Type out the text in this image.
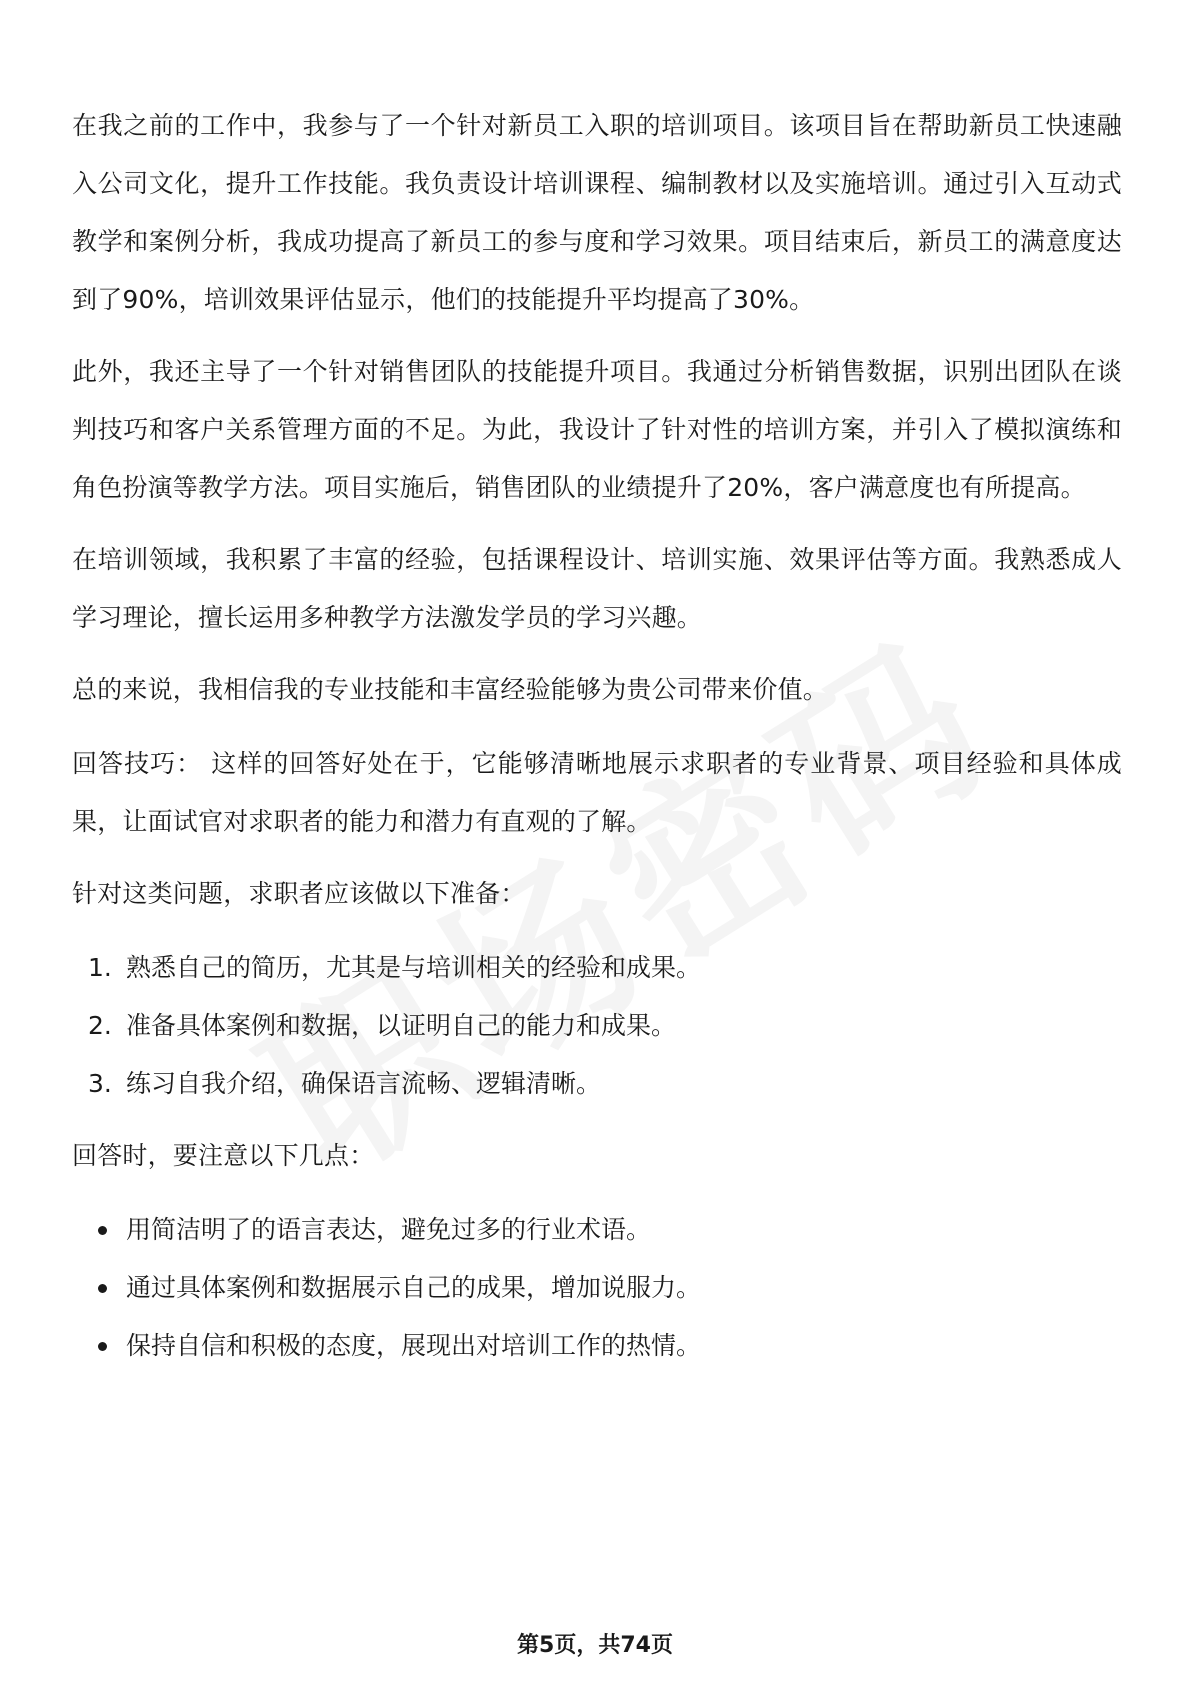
在我之前的工作中，我参与了一个针对新员工入职的培训项目。该项目旨在帮助新员工快速融入公司文化，提升工作技能。我负责设计培训课程、编制教材以及实施培训。通过引入互动式教学和案例分析，我成功提高了新员工的参与度和学习效果。项目结束后，新员工的满意度达到了90%，培训效果评估显示，他们的技能提升平均提高了30%。

此外，我还主导了一个针对销售团队的技能提升项目。我通过分析销售数据，识别出团队在谈判技巧和客户关系管理方面的不足。为此，我设计了针对性的培训方案，并引入了模拟演练和角色扮演等教学方法。项目实施后，销售团队的业绩提升了20%，客户满意度也有所提高。

在培训领域，我积累了丰富的经验，包括课程设计、培训实施、效果评估等方面。我熟悉成人学习理论，擅长运用多种教学方法激发学员的学习兴趣。

总的来说，我相信我的专业技能和丰富经验能够为贵公司带来价值。

回答技巧： 这样的回答好处在于，它能够清晰地展示求职者的专业背景、项目经验和具体成果，让面试官对求职者的能力和潜力有直观的了解。

针对这类问题，求职者应该做以下准备：

1. 熟悉自己的简历，尤其是与培训相关的经验和成果。
2. 准备具体案例和数据，以证明自己的能力和成果。
3. 练习自我介绍，确保语言流畅、逻辑清晰。

回答时，要注意以下几点：

用简洁明了的语言表达，避免过多的行业术语。
通过具体案例和数据展示自己的成果，增加说服力。
保持自信和积极的态度，展现出对培训工作的热情。
第5页，共74页
